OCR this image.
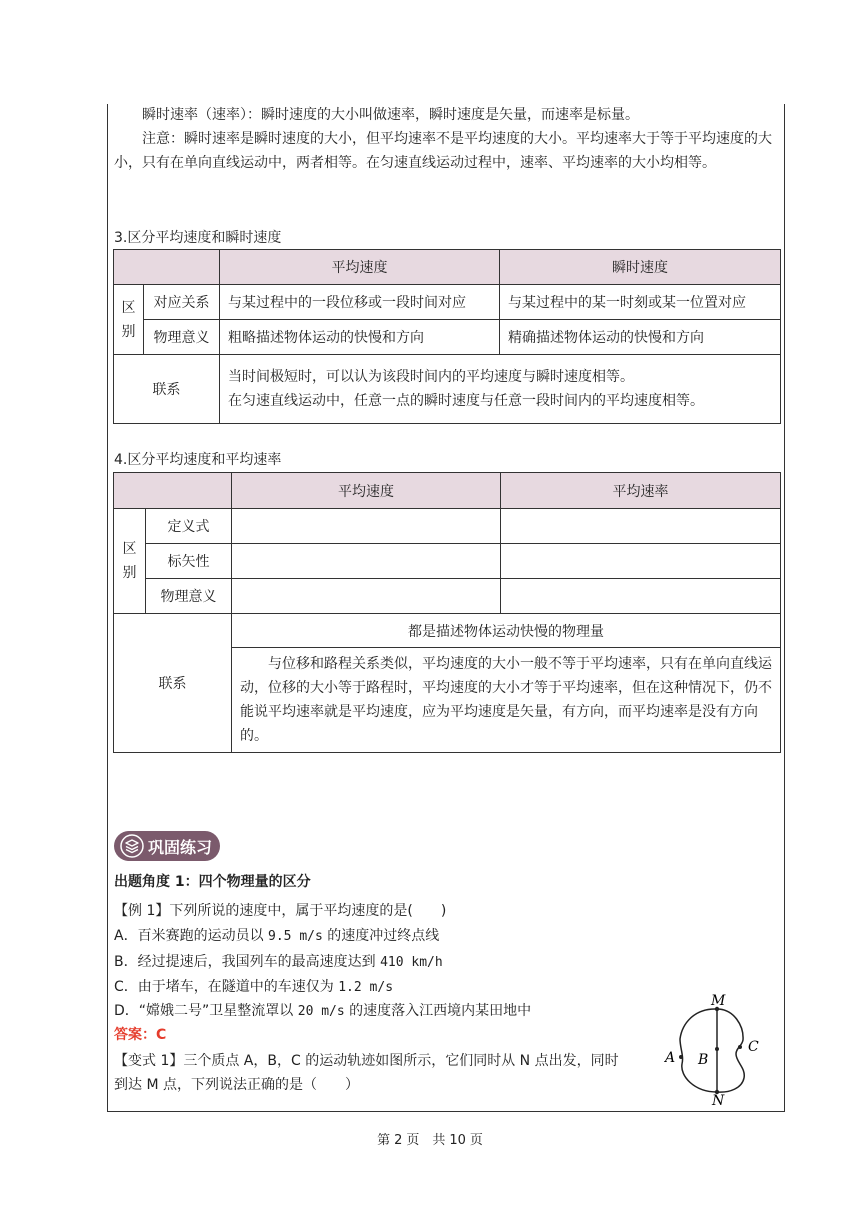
瞬时速率（速率）：瞬时速度的大小叫做速率，瞬时速度是矢量，而速率是标量。
注意：瞬时速率是瞬时速度的大小，但平均速率不是平均速度的大小。平均速率大于等于平均速度的大小，只有在单向直线运动中，两者相等。在匀速直线运动过程中，速率、平均速率的大小均相等。
3.区分平均速度和瞬时速度
		平均速度	瞬时速度
区别	对应关系	与某过程中的一段位移或一段时间对应	与某过程中的某一时刻或某一位置对应
	物理意义	粗略描述物体运动的快慢和方向	精确描述物体运动的快慢和方向
联系		当时间极短时，可以认为该段时间内的平均速度与瞬时速度相等。
在匀速直线运动中，任意一点的瞬时速度与任意一段时间内的平均速度相等。	
4.区分平均速度和平均速率
		平均速度	平均速率
区别	定义式		
	标矢性		
	物理意义		
联系		都是描述物体运动快慢的物理量	
		与位移和路程关系类似，平均速度的大小一般不等于平均速率，只有在单向直线运动，位移的大小等于路程时，平均速度的大小才等于平均速率，但在这种情况下，仍不能说平均速率就是平均速度，应为平均速度是矢量，有方向，而平均速率是没有方向的。	
巩固练习
出题角度 1：四个物理量的区分
【例 1】下列所说的速度中，属于平均速度的是(　　)
A．百米赛跑的运动员以 9.5 m/s 的速度冲过终点线
B．经过提速后，我国列车的最高速度达到 410 km/h
C．由于堵车，在隧道中的车速仅为 1.2 m/s
D．“嫦娥二号”卫星整流罩以 20 m/s 的速度落入江西境内某田地中
答案：C
【变式 1】三个质点 A，B，C 的运动轨迹如图所示，它们同时从 N 点出发，同时
到达 M 点，下列说法正确的是（　　）
M
N
A B
C
第 2 页　共 10 页
